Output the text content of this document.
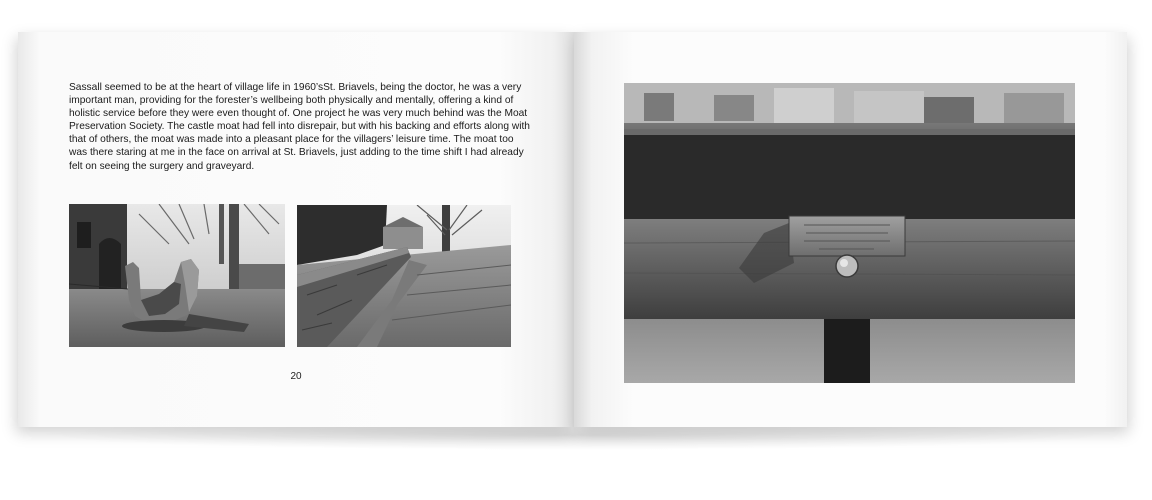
Sassall seemed to be at the heart of village life in 1960’sSt. Briavels, being the doctor, he was a very important man, providing for the forester’s wellbeing both physically and mentally, offering a kind of holistic service before they were even thought of. One project he was very much behind was the Moat Preservation Society. The castle moat had fell into disrepair, but with his backing and efforts along with that of others, the moat was made into a pleasant place for the villagers’ leisure time. The moat too was there staring at me in the face on arrival at St. Briavels, just adding to the time shift I had already felt on seeing the surgery and graveyard.

20
